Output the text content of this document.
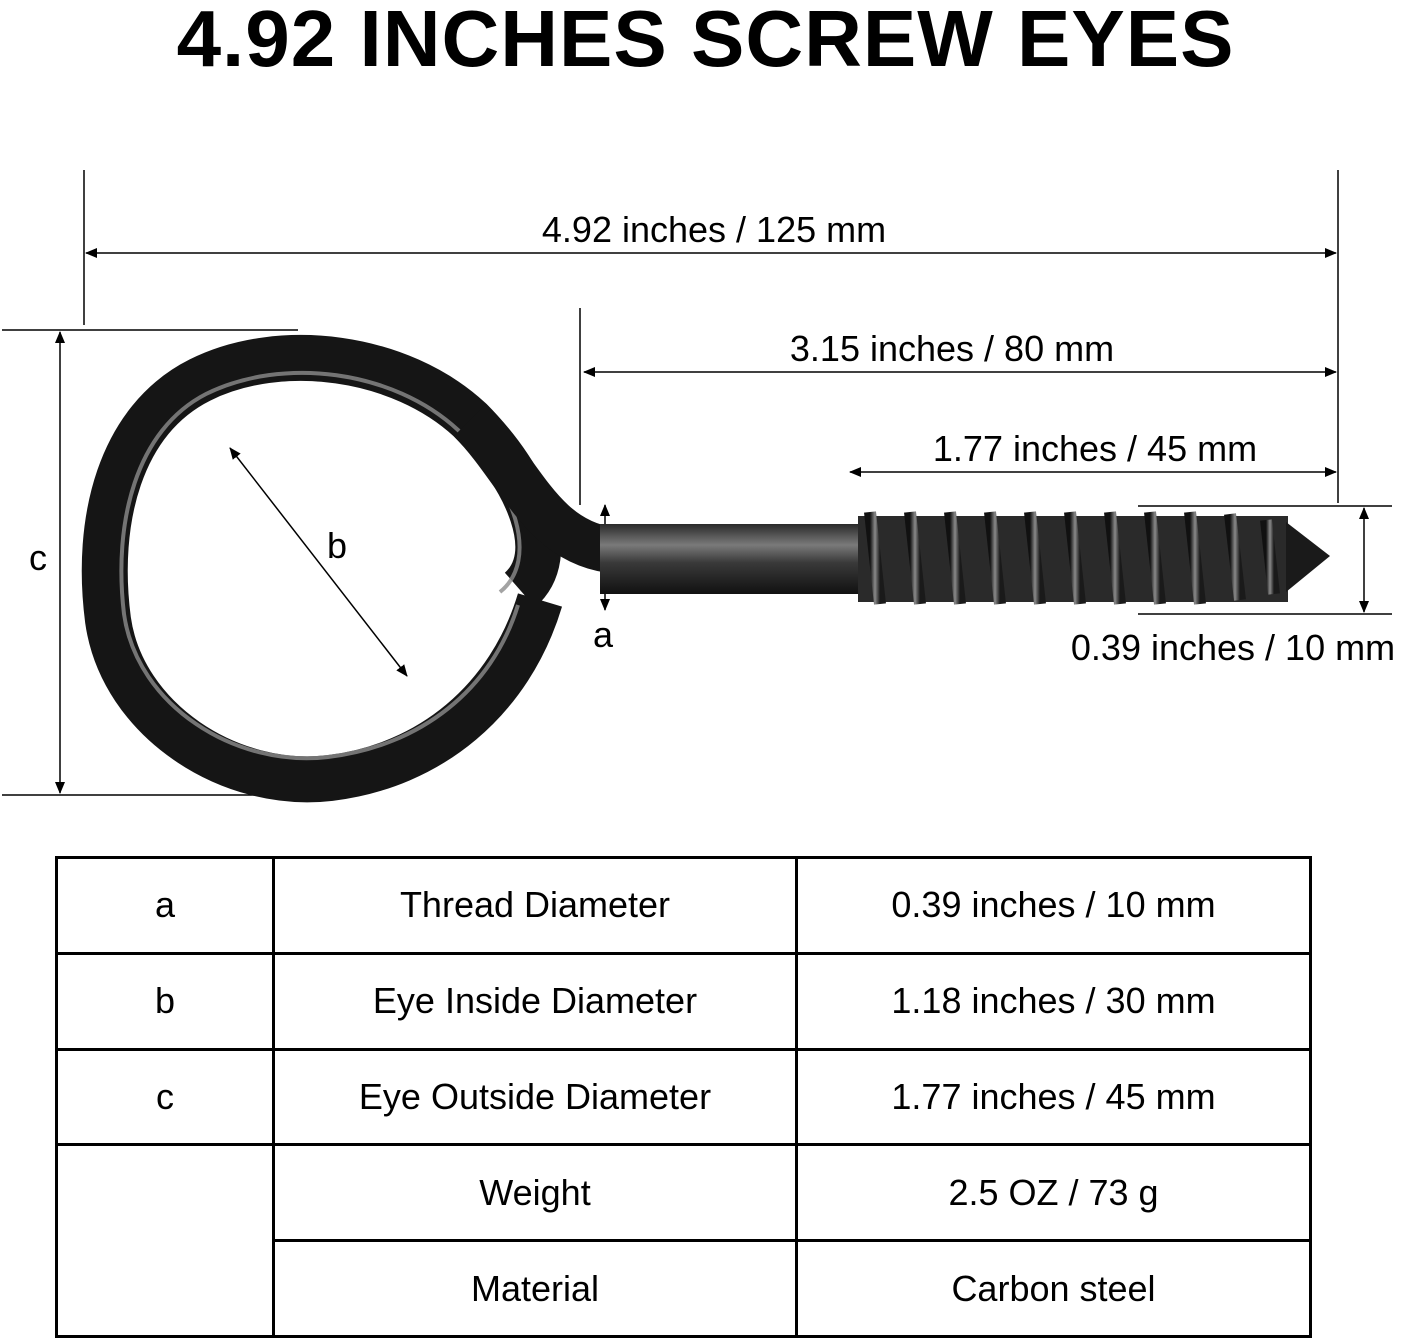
4.92 INCHES SCREW EYES
4.92 inches / 125 mm
3.15 inches / 80 mm
1.77 inches / 45 mm
0.39 inches / 10 mm
c	b
a
a	Thread Diameter	0.39 inches / 10 mm
b	Eye Inside Diameter	1.18 inches / 30 mm
c	Eye Outside Diameter	1.77 inches / 45 mm
	Weight	2.5 OZ / 73 g
	Material	Carbon steel
